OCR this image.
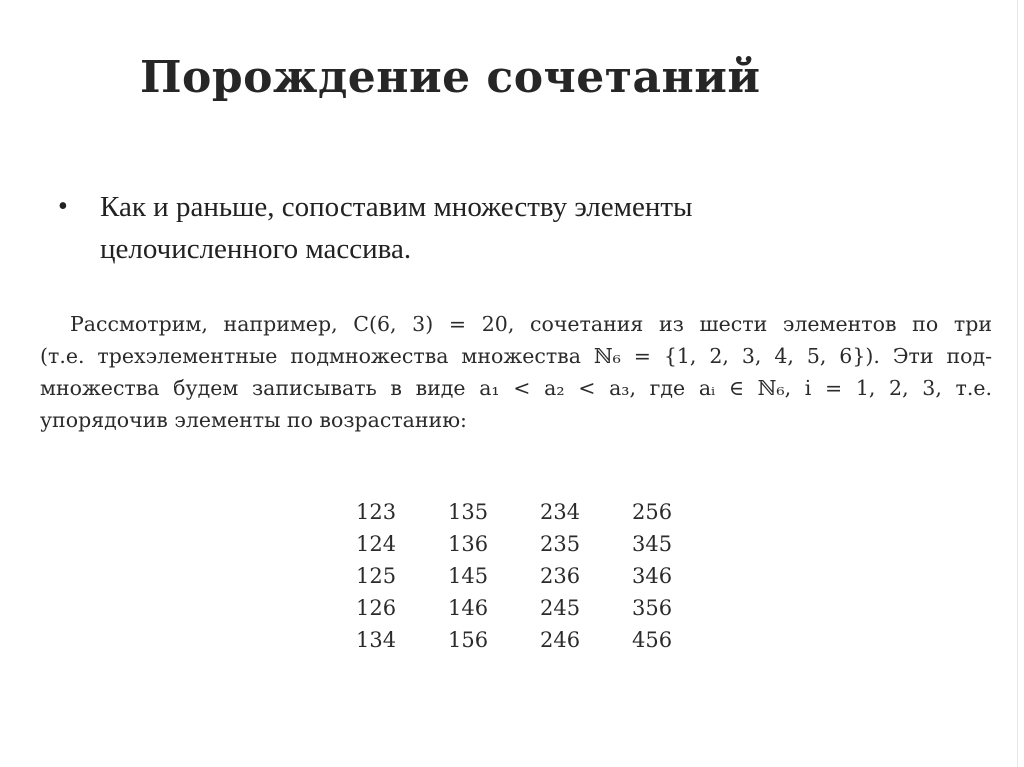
Порождение сочетаний
• Как и раньше, сопоставим множеству элементы
целочисленного массива.
Рассмотрим, например, C(6, 3) = 20, сочетания из шести элементов по три
(т.е. трехэлементные подмножества множества ℕ₆ = {1, 2, 3, 4, 5, 6}). Эти под-
множества будем записывать в виде a₁ < a₂ < a₃, где aᵢ ∈ ℕ₆, i = 1, 2, 3, т.е.
упорядочив элементы по возрастанию:
123	135	234	256
124	136	235	345
125	145	236	346
126	146	245	356
134	156	246	456
